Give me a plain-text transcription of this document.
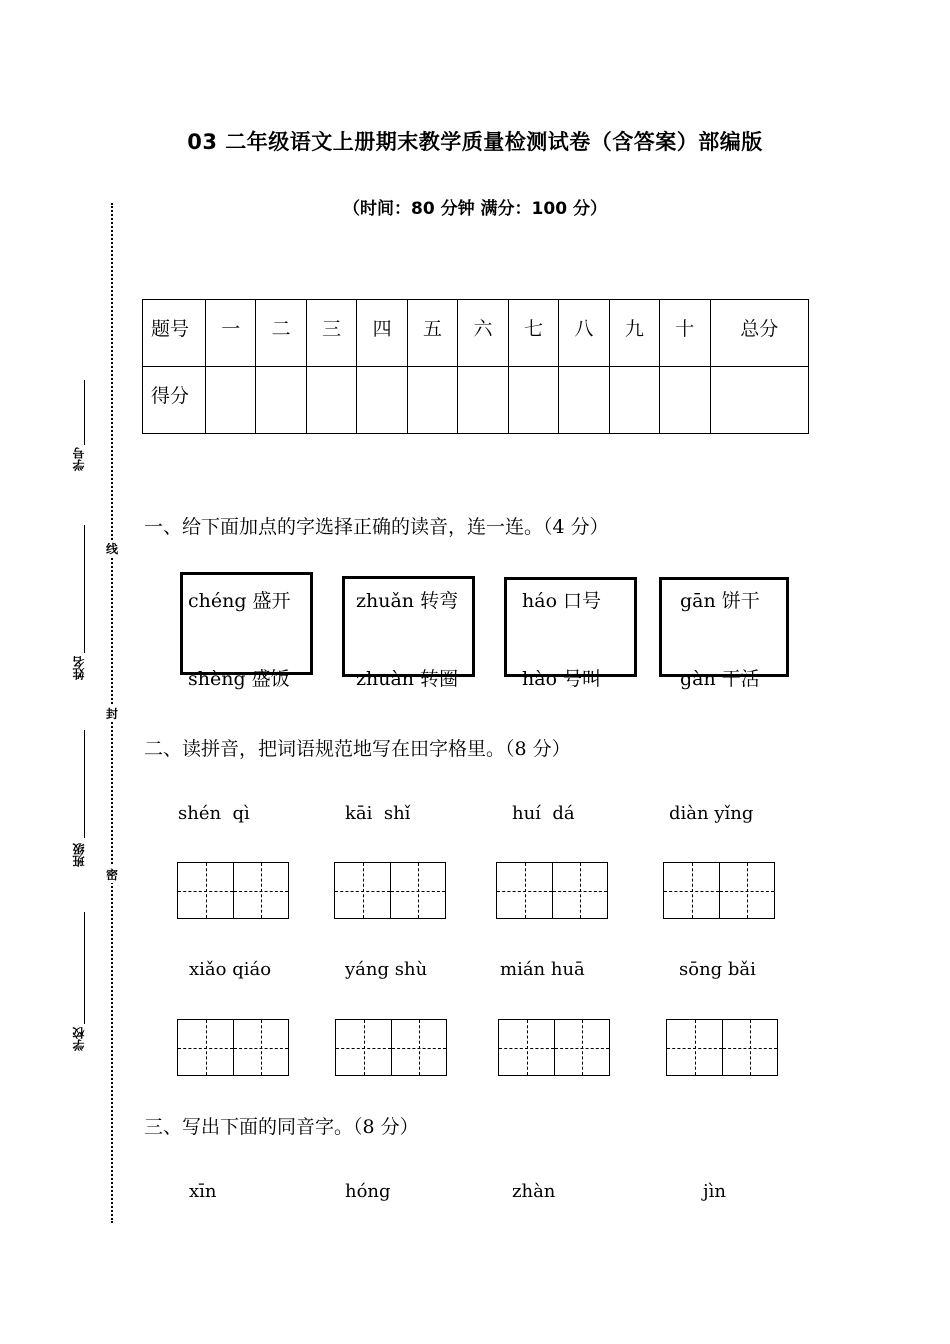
03 二年级语文上册期末教学质量检测试卷（含答案）部编版
（时间：80 分钟 满分：100 分）
学号
姓名
班级
学校
线
封
密
题号	一	二	三	四	五	六	七	八	九	十	总分
得分											
一、给下面加点的字选择正确的读音，连一连。（4 分）
chéng 盛开
shèng 盛饭
zhuǎn 转弯
zhuàn 转圈
háo 口号
hào 号叫
gān 饼干
gàn 干活
二、读拼音，把词语规范地写在田字格里。（8 分）
shén  qì	kāi  shǐ	huí  dá	diàn yǐng
xiǎo qiáo	yáng shù	mián huā	sōng bǎi
三、写出下面的同音字。（8 分）
xīn	hóng	zhàn	jìn
